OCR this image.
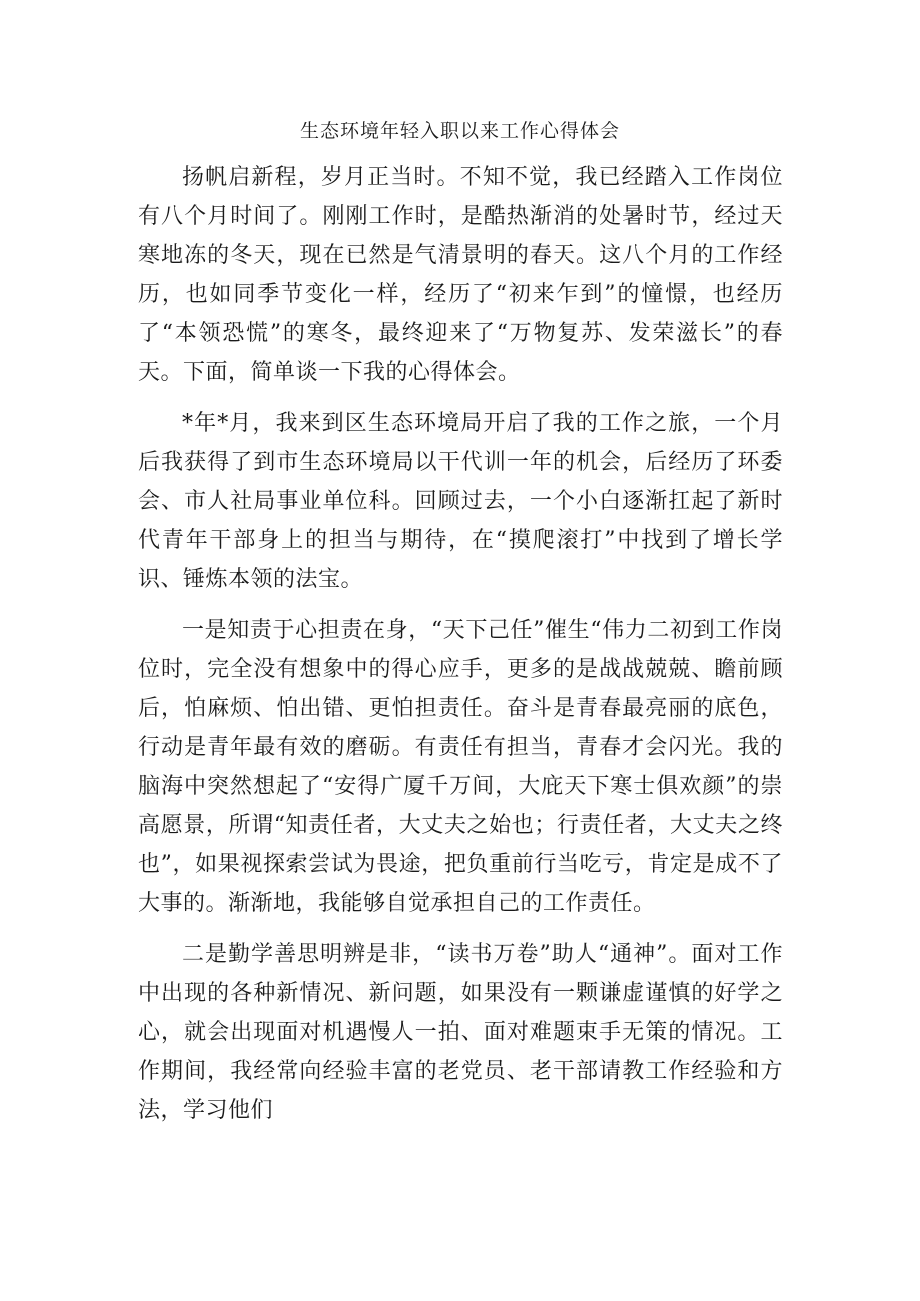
生态环境年轻入职以来工作心得体会

扬帆启新程，岁月正当时。不知不觉，我已经踏入工作岗位有八个月时间了。刚刚工作时，是酷热渐消的处暑时节，经过天寒地冻的冬天，现在已然是气清景明的春天。这八个月的工作经历，也如同季节变化一样，经历了“初来乍到”的憧憬，也经历了“本领恐慌”的寒冬，最终迎来了“万物复苏、发荣滋长”的春天。下面，简单谈一下我的心得体会。

*年*月，我来到区生态环境局开启了我的工作之旅，一个月后我获得了到市生态环境局以干代训一年的机会，后经历了环委会、市人社局事业单位科。回顾过去，一个小白逐渐扛起了新时代青年干部身上的担当与期待，在“摸爬滚打”中找到了增长学识、锤炼本领的法宝。

一是知责于心担责在身，“天下己任”催生“伟力二初到工作岗位时，完全没有想象中的得心应手，更多的是战战兢兢、瞻前顾后，怕麻烦、怕出错、更怕担责任。奋斗是青春最亮丽的底色，行动是青年最有效的磨砺。有责任有担当，青春才会闪光。我的脑海中突然想起了“安得广厦千万间，大庇天下寒士俱欢颜”的崇高愿景，所谓“知责任者，大丈夫之始也；行责任者，大丈夫之终也”，如果视探索尝试为畏途，把负重前行当吃亏，肯定是成不了大事的。渐渐地，我能够自觉承担自己的工作责任。

二是勤学善思明辨是非，“读书万卷”助人“通神”。面对工作中出现的各种新情况、新问题，如果没有一颗谦虚谨慎的好学之心，就会出现面对机遇慢人一拍、面对难题束手无策的情况。工作期间，我经常向经验丰富的老党员、老干部请教工作经验和方法，学习他们
